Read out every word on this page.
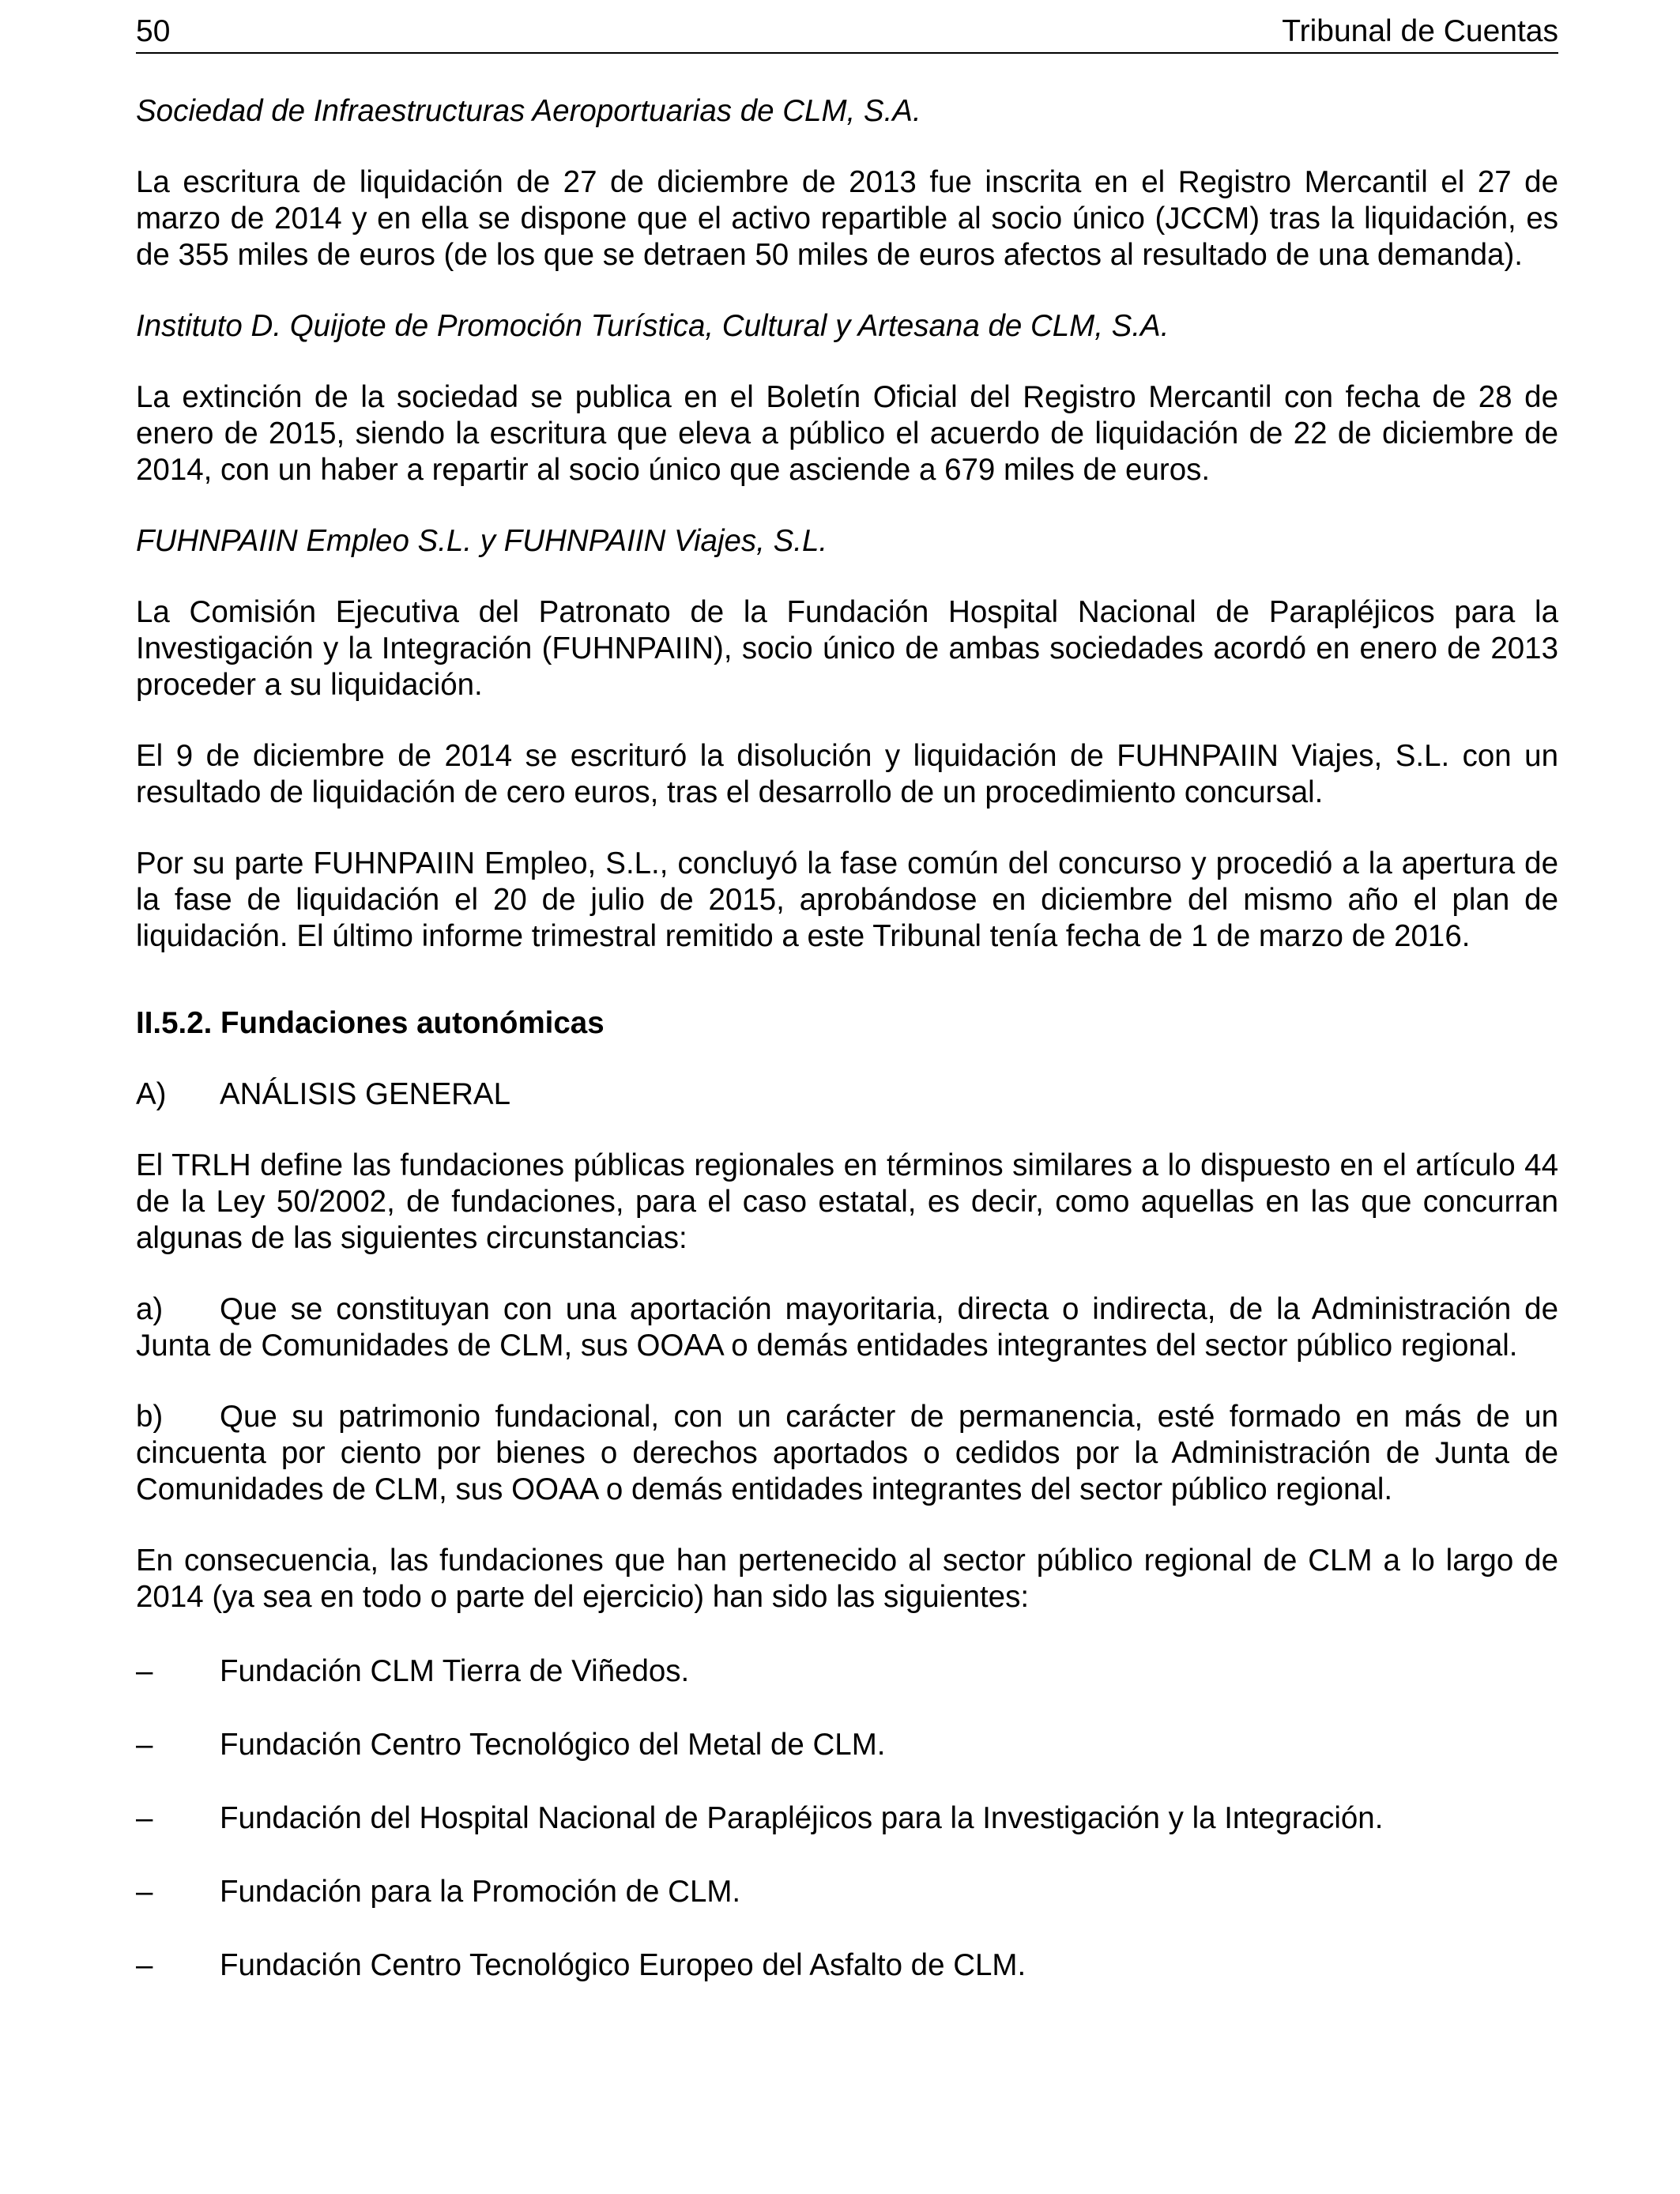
50	Tribunal de Cuentas

Sociedad de Infraestructuras Aeroportuarias de CLM, S.A.

La escritura de liquidación de 27 de diciembre de 2013 fue inscrita en el Registro Mercantil el 27 de marzo de 2014 y en ella se dispone que el activo repartible al socio único (JCCM) tras la liquidación, es de 355 miles de euros (de los que se detraen 50 miles de euros afectos al resultado de una demanda).

Instituto D. Quijote de Promoción Turística, Cultural y Artesana de CLM, S.A.

La extinción de la sociedad se publica en el Boletín Oficial del Registro Mercantil con fecha de 28 de enero de 2015, siendo la escritura que eleva a público el acuerdo de liquidación de 22 de diciembre de 2014, con un haber a repartir al socio único que asciende a 679 miles de euros.

FUHNPAIIN Empleo S.L. y FUHNPAIIN Viajes, S.L.

La Comisión Ejecutiva del Patronato de la Fundación Hospital Nacional de Parapléjicos para la Investigación y la Integración (FUHNPAIIN), socio único de ambas sociedades acordó en enero de 2013 proceder a su liquidación.

El 9 de diciembre de 2014 se escrituró la disolución y liquidación de FUHNPAIIN Viajes, S.L. con un resultado de liquidación de cero euros, tras el desarrollo de un procedimiento concursal.

Por su parte FUHNPAIIN Empleo, S.L., concluyó la fase común del concurso y procedió a la apertura de la fase de liquidación el 20 de julio de 2015, aprobándose en diciembre del mismo año el plan de liquidación. El último informe trimestral remitido a este Tribunal tenía fecha de 1 de marzo de 2016.

II.5.2. Fundaciones autonómicas

A) ANÁLISIS GENERAL

El TRLH define las fundaciones públicas regionales en términos similares a lo dispuesto en el artículo 44 de la Ley 50/2002, de fundaciones, para el caso estatal, es decir, como aquellas en las que concurran algunas de las siguientes circunstancias:

a) Que se constituyan con una aportación mayoritaria, directa o indirecta, de la Administración de Junta de Comunidades de CLM, sus OOAA o demás entidades integrantes del sector público regional.

b) Que su patrimonio fundacional, con un carácter de permanencia, esté formado en más de un cincuenta por ciento por bienes o derechos aportados o cedidos por la Administración de Junta de Comunidades de CLM, sus OOAA o demás entidades integrantes del sector público regional.

En consecuencia, las fundaciones que han pertenecido al sector público regional de CLM a lo largo de 2014 (ya sea en todo o parte del ejercicio) han sido las siguientes:

–	Fundación CLM Tierra de Viñedos.
–	Fundación Centro Tecnológico del Metal de CLM.
–	Fundación del Hospital Nacional de Parapléjicos para la Investigación y la Integración.
–	Fundación para la Promoción de CLM.
–	Fundación Centro Tecnológico Europeo del Asfalto de CLM.
